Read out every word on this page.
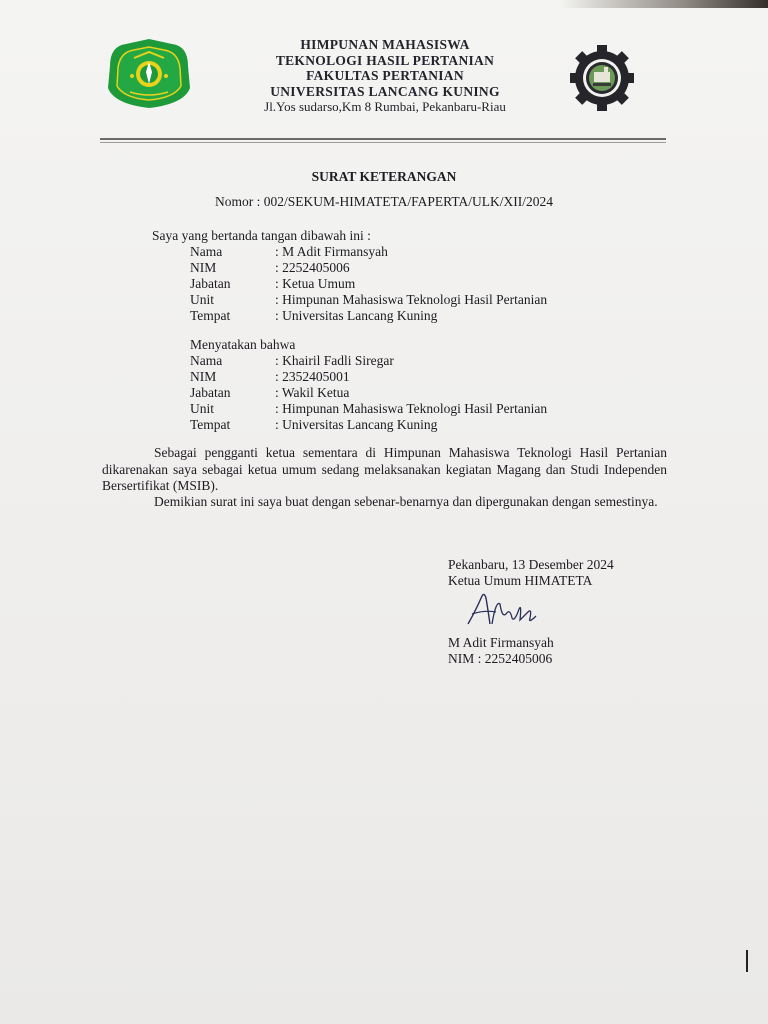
HIMPUNAN MAHASISWA
TEKNOLOGI HASIL PERTANIAN
FAKULTAS PERTANIAN
UNIVERSITAS LANCANG KUNING
Jl.Yos sudarso,Km 8 Rumbai, Pekanbaru-Riau
SURAT KETERANGAN
Nomor : 002/SEKUM-HIMATETA/FAPERTA/ULK/XII/2024
Saya yang bertanda tangan dibawah ini :
Nama	: M Adit Firmansyah
NIM	: 2252405006
Jabatan	: Ketua Umum
Unit	: Himpunan Mahasiswa Teknologi Hasil Pertanian
Tempat	: Universitas Lancang Kuning
Menyatakan bahwa
Nama	: Khairil Fadli Siregar
NIM	: 2352405001
Jabatan	: Wakil Ketua
Unit	: Himpunan Mahasiswa Teknologi Hasil Pertanian
Tempat	: Universitas Lancang Kuning

Sebagai pengganti ketua sementara di Himpunan Mahasiswa Teknologi Hasil Pertanian dikarenakan saya sebagai ketua umum sedang melaksanakan kegiatan Magang dan Studi Independen Bersertifikat (MSIB).

Demikian surat ini saya buat dengan sebenar-benarnya dan dipergunakan dengan semestinya.

Pekanbaru, 13 Desember 2024
Ketua Umum HIMATETA
M Adit Firmansyah
NIM : 2252405006
